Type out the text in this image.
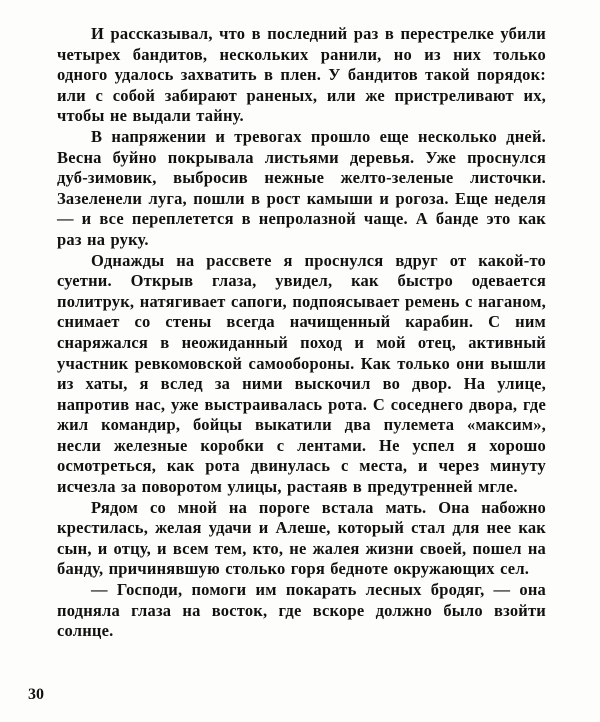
И рассказывал, что в последний раз в перестрелке убили четырех бандитов, нескольких ранили, но из них только одного удалось захватить в плен. У бандитов такой порядок: или с собой забирают раненых, или же пристреливают их, чтобы не выдали тайну.

В напряжении и тревогах прошло еще несколько дней. Весна буйно покрывала листьями деревья. Уже проснулся дуб-зимовик, выбросив нежные желто-зеленые листочки. Зазеленели луга, пошли в рост камыши и рогоза. Еще неделя — и все переплетется в непролазной чаще. А банде это как раз на руку.

Однажды на рассвете я проснулся вдруг от какой-то суетни. Открыв глаза, увидел, как быстро одевается политрук, натягивает сапоги, подпоясывает ремень с наганом, снимает со стены всегда начищенный карабин. С ним снаряжался в неожиданный поход и мой отец, активный участник ревкомовской самообороны. Как только они вышли из хаты, я вслед за ними выскочил во двор. На улице, напротив нас, уже выстраивалась рота. С соседнего двора, где жил командир, бойцы выкатили два пулемета «максим», несли железные коробки с лентами. Не успел я хорошо осмотреться, как рота двинулась с места, и через минуту исчезла за поворотом улицы, растаяв в предутренней мгле.

Рядом со мной на пороге встала мать. Она набожно крестилась, желая удачи и Алеше, который стал для нее как сын, и отцу, и всем тем, кто, не жалея жизни своей, пошел на банду, причинявшую столько горя бедноте окружающих сел.

— Господи, помоги им покарать лесных бродяг, — она подняла глаза на восток, где вскоре должно было взойти солнце.

30
